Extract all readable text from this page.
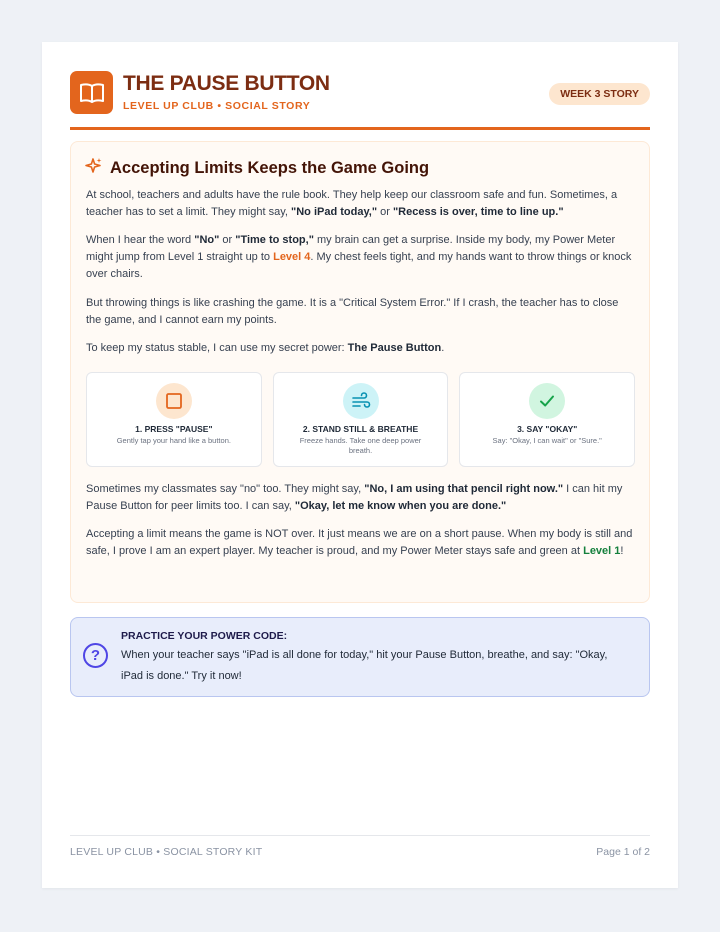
THE PAUSE BUTTON
LEVEL UP CLUB • SOCIAL STORY
WEEK 3 STORY
Accepting Limits Keeps the Game Going
At school, teachers and adults have the rule book. They help keep our classroom safe and fun. Sometimes, a teacher has to set a limit. They might say, "No iPad today," or "Recess is over, time to line up."
When I hear the word "No" or "Time to stop," my brain can get a surprise. Inside my body, my Power Meter might jump from Level 1 straight up to Level 4. My chest feels tight, and my hands want to throw things or knock over chairs.
But throwing things is like crashing the game. It is a "Critical System Error." If I crash, the teacher has to close the game, and I cannot earn my points.
To keep my status stable, I can use my secret power: The Pause Button.
1. PRESS "PAUSE"
Gently tap your hand like a button.
2. STAND STILL & BREATHE
Freeze hands. Take one deep power breath.
3. SAY "OKAY"
Say: "Okay, I can wait" or "Sure."
Sometimes my classmates say "no" too. They might say, "No, I am using that pencil right now." I can hit my Pause Button for peer limits too. I can say, "Okay, let me know when you are done."
Accepting a limit means the game is NOT over. It just means we are on a short pause. When my body is still and safe, I prove I am an expert player. My teacher is proud, and my Power Meter stays safe and green at Level 1!
?
PRACTICE YOUR POWER CODE:
When your teacher says "iPad is all done for today," hit your Pause Button, breathe, and say: "Okay, iPad is done." Try it now!
LEVEL UP CLUB • SOCIAL STORY KIT	Page 1 of 2
